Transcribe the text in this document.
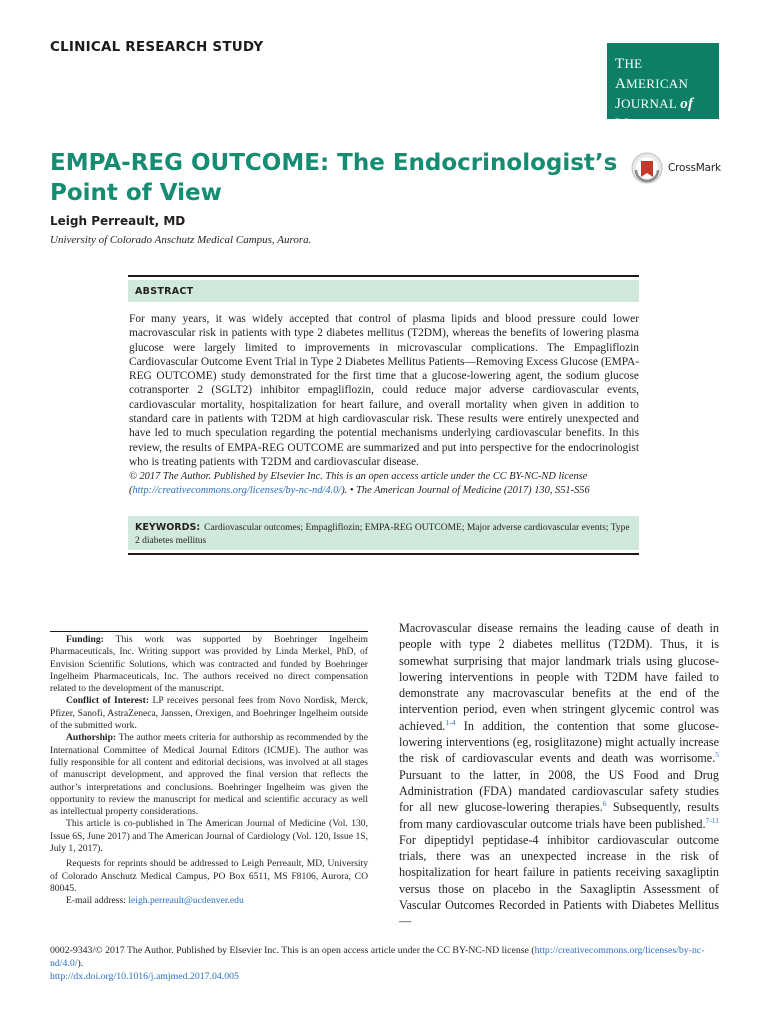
CLINICAL RESEARCH STUDY
THE AMERICAN
JOURNAL of
MEDICINE®
EMPA-REG OUTCOME: The Endocrinologist’s Point of View
CrossMark
Leigh Perreault, MD
University of Colorado Anschutz Medical Campus, Aurora.
ABSTRACT
For many years, it was widely accepted that control of plasma lipids and blood pressure could lower macrovascular risk in patients with type 2 diabetes mellitus (T2DM), whereas the benefits of lowering plasma glucose were largely limited to improvements in microvascular complications. The Empagliflozin Cardiovascular Outcome Event Trial in Type 2 Diabetes Mellitus Patients—Removing Excess Glucose (EMPA-REG OUTCOME) study demonstrated for the first time that a glucose-lowering agent, the sodium glucose cotransporter 2 (SGLT2) inhibitor empagliflozin, could reduce major adverse cardiovascular events, cardiovascular mortality, hospitalization for heart failure, and overall mortality when given in addition to standard care in patients with T2DM at high cardiovascular risk. These results were entirely unexpected and have led to much speculation regarding the potential mechanisms underlying cardiovascular benefits. In this review, the results of EMPA-REG OUTCOME are summarized and put into perspective for the endocrinologist who is treating patients with T2DM and cardiovascular disease.
© 2017 The Author. Published by Elsevier Inc. This is an open access article under the CC BY-NC-ND license (http://creativecommons.org/licenses/by-nc-nd/4.0/). • The American Journal of Medicine (2017) 130, S51-S56
KEYWORDS: Cardiovascular outcomes; Empagliflozin; EMPA-REG OUTCOME; Major adverse cardiovascular events; Type 2 diabetes mellitus

Funding: This work was supported by Boehringer Ingelheim Pharmaceuticals, Inc. Writing support was provided by Linda Merkel, PhD, of Envision Scientific Solutions, which was contracted and funded by Boehringer Ingelheim Pharmaceuticals, Inc. The authors received no direct compensation related to the development of the manuscript.

Conflict of Interest: LP receives personal fees from Novo Nordisk, Merck, Pfizer, Sanofi, AstraZeneca, Janssen, Orexigen, and Boehringer Ingelheim outside of the submitted work.

Authorship: The author meets criteria for authorship as recommended by the International Committee of Medical Journal Editors (ICMJE). The author was fully responsible for all content and editorial decisions, was involved at all stages of manuscript development, and approved the final version that reflects the author’s interpretations and conclusions. Boehringer Ingelheim was given the opportunity to review the manuscript for medical and scientific accuracy as well as intellectual property considerations.

This article is co-published in The American Journal of Medicine (Vol. 130, Issue 6S, June 2017) and The American Journal of Cardiology (Vol. 120, Issue 1S, July 1, 2017).

Requests for reprints should be addressed to Leigh Perreault, MD, University of Colorado Anschutz Medical Campus, PO Box 6511, MS F8106, Aurora, CO 80045.

E-mail address: leigh.perreault@ucdenver.edu

Macrovascular disease remains the leading cause of death in people with type 2 diabetes mellitus (T2DM). Thus, it is somewhat surprising that major landmark trials using glucose-lowering interventions in people with T2DM have failed to demonstrate any macrovascular benefits at the end of the intervention period, even when stringent glycemic control was achieved.$^{1-4}$ In addition, the contention that some glucose-lowering interventions (eg, rosiglitazone) might actually increase the risk of cardiovascular events and death was worrisome.$^5$ Pursuant to the latter, in 2008, the US Food and Drug Administration (FDA) mandated cardiovascular safety studies for all new glucose-lowering therapies.$^6$ Subsequently, results from many cardiovascular outcome trials have been published.$^{7-11}$ For dipeptidyl peptidase-4 inhibitor cardiovascular outcome trials, there was an unexpected increase in the risk of hospitalization for heart failure in patients receiving saxagliptin versus those on placebo in the Saxagliptin Assessment of Vascular Outcomes Recorded in Patients with Diabetes Mellitus—
0002-9343/© 2017 The Author. Published by Elsevier Inc. This is an open access article under the CC BY-NC-ND license (http://creativecommons.org/licenses/by-nc-nd/4.0/).
http://dx.doi.org/10.1016/j.amjmed.2017.04.005
